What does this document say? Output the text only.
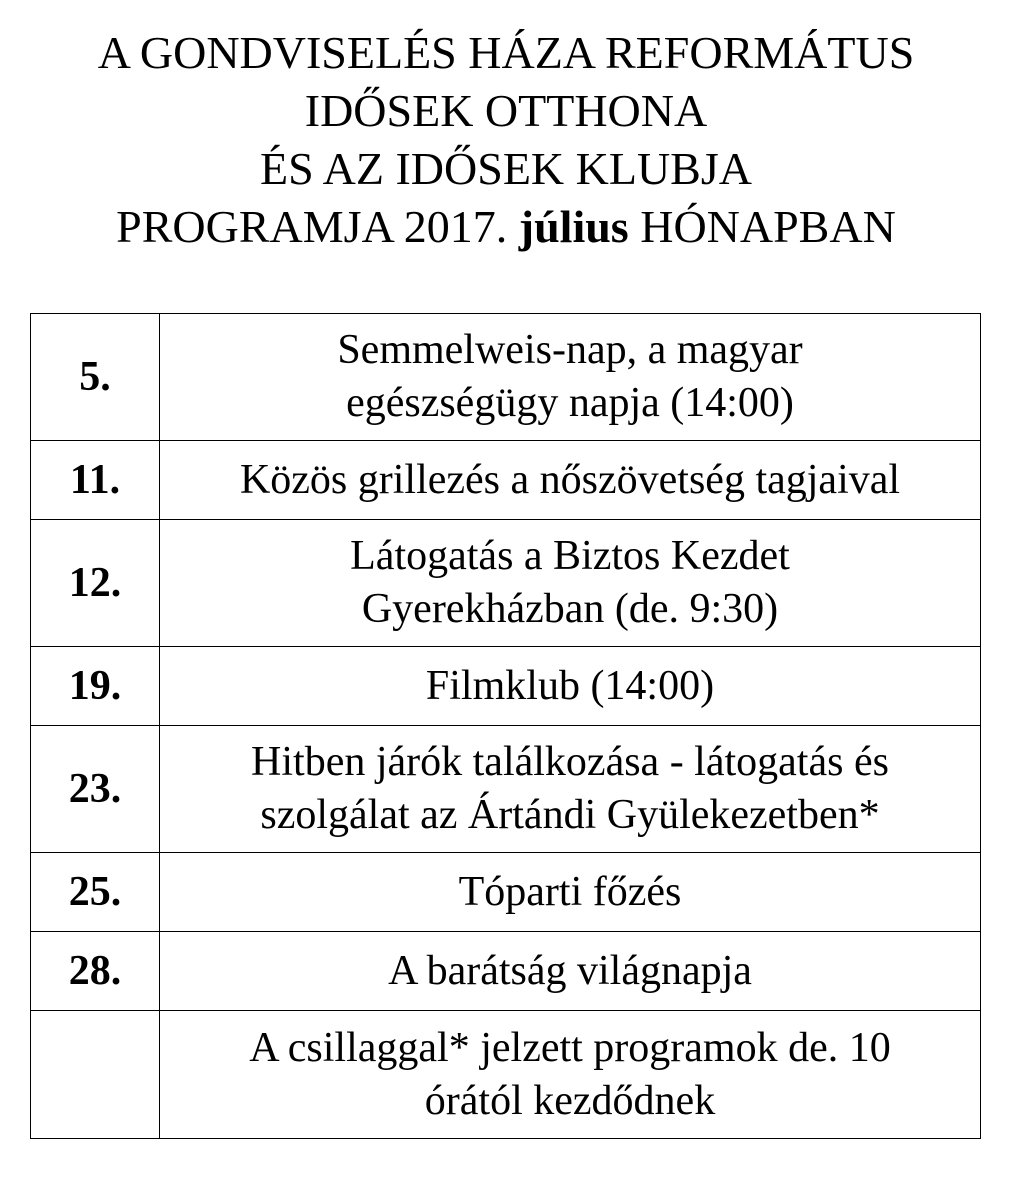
A GONDVISELÉS HÁZA REFORMÁTUS
IDŐSEK OTTHONA
ÉS AZ IDŐSEK KLUBJA
PROGRAMJA 2017. július HÓNAPBAN
5.	Semmelweis-nap, a magyar
egészségügy napja (14:00)

11.	Közös grillezés a nőszövetség tagjaival

12.	Látogatás a Biztos Kezdet
Gyerekházban (de. 9:30)

19.	Filmklub (14:00)

23.	Hitben járók találkozása - látogatás és
szolgálat az Ártándi Gyülekezetben*

25.	Tóparti főzés

28.	A barátság világnapja

	A csillaggal* jelzett programok de. 10
órától kezdődnek
